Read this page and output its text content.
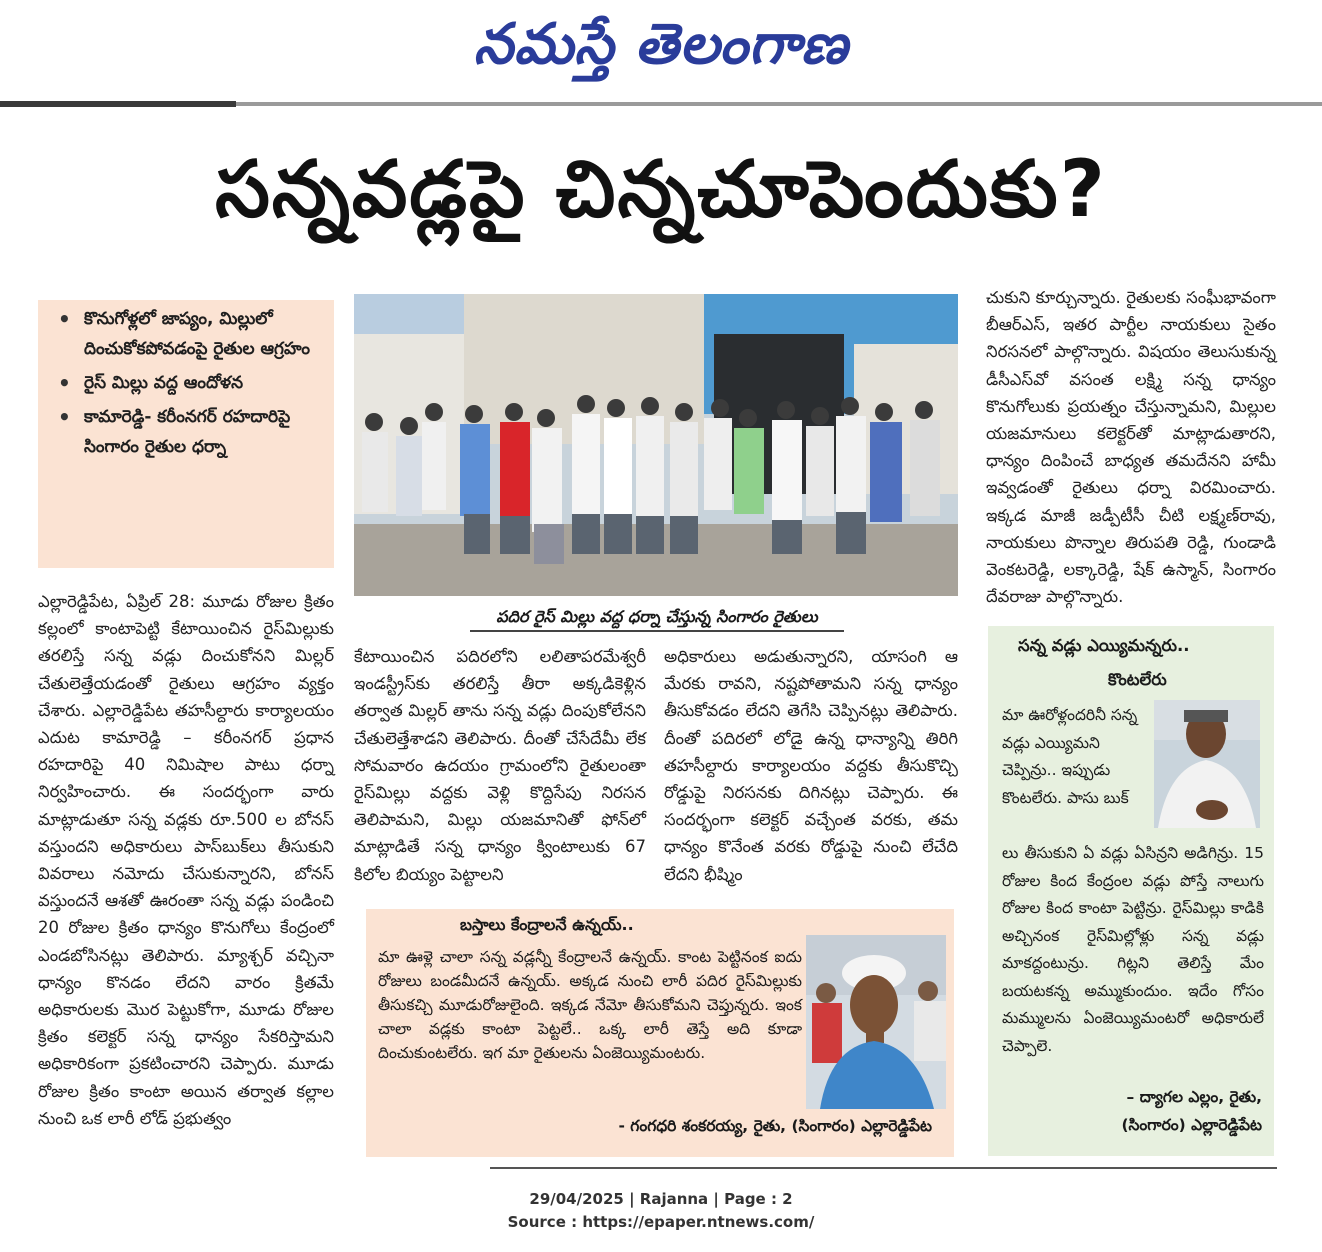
నమస్తే తెలంగాణ
సన్నవడ్లపై చిన్నచూపెందుకు?
• కొనుగోళ్లలో జాప్యం, మిల్లులో దించుకోకపోవడంపై రైతుల ఆగ్రహం
• రైస్ మిల్లు వద్ద ఆందోళన
• కామారెడ్డి- కరీంనగర్ రహదారిపై సింగారం రైతుల ధర్నా
పదిర రైస్ మిల్లు వద్ద ధర్నా చేస్తున్న సింగారం రైతులు

ఎల్లారెడ్డిపేట, ఏప్రిల్ 28: మూడు రోజుల క్రితం కల్లంలో కాంటాపెట్టి కేటాయించిన రైస్‌మిల్లుకు తరలిస్తే సన్న వడ్లు దించుకోనని మిల్లర్ చేతులెత్తేయడంతో రైతులు ఆగ్రహం వ్యక్తం చేశారు. ఎల్లారెడ్డిపేట తహసీల్దారు కార్యాలయం ఎదుట కామారెడ్డి – కరీంనగర్ ప్రధాన రహదారిపై 40 నిమిషాల పాటు ధర్నా నిర్వహించారు. ఈ సందర్భంగా వారు మాట్లాడుతూ సన్న వడ్లకు రూ.500 ల బోనస్ వస్తుందని అధికారులు పాస్‌బుక్‌లు తీసుకుని వివరాలు నమోదు చేసుకున్నారని, బోనస్ వస్తుందనే ఆశతో ఊరంతా సన్న వడ్లు పండించి 20 రోజుల క్రితం ధాన్యం కొనుగోలు కేంద్రంలో ఎండబోసినట్లు తెలిపారు. మ్యాశ్చర్ వచ్చినా ధాన్యం కొనడం లేదని వారం క్రితమే అధికారులకు మొర పెట్టుకోగా, మూడు రోజుల క్రితం కలెక్టర్ సన్న ధాన్యం సేకరిస్తామని అధికారికంగా ప్రకటించారని చెప్పారు. మూడు రోజుల క్రితం కాంటా అయిన తర్వాత కల్లాల నుంచి ఒక లారీ లోడ్ ప్రభుత్వం

కేటాయించిన పదిరలోని లలితాపరమేశ్వరీ ఇండస్ట్రీస్‌కు తరలిస్తే తీరా అక్కడికెళ్లిన తర్వాత మిల్లర్ తాను సన్న వడ్లు దింపుకోలేనని చేతులెత్తేశాడని తెలిపారు. దీంతో చేసేదేమీ లేక సోమవారం ఉదయం గ్రామంలోని రైతులంతా రైస్‌మిల్లు వద్దకు వెళ్లి కొద్దిసేపు నిరసన తెలిపామని, మిల్లు యజమానితో ఫోన్‌లో మాట్లాడితే సన్న ధాన్యం క్వింటాలుకు 67 కిలోల బియ్యం పెట్టాలని

అధికారులు అడుతున్నారని, యాసంగి ఆ మేరకు రావని, నష్టపోతామని సన్న ధాన్యం తీసుకోవడం లేదని తెగేసి చెప్పినట్లు తెలిపారు. దీంతో పదిరలో లోడై ఉన్న ధాన్యాన్ని తిరిగి తహసీల్దారు కార్యాలయం వద్దకు తీసుకొచ్చి రోడ్డుపై నిరసనకు దిగినట్లు చెప్పారు. ఈ సందర్భంగా కలెక్టర్ వచ్చేంత వరకు, తమ ధాన్యం కొనేంత వరకు రోడ్డుపై నుంచి లేచేది లేదని భీష్మిం

చుకుని కూర్చున్నారు. రైతులకు సంఘీభావంగా బీఆర్‌ఎస్, ఇతర పార్టీల నాయకులు సైతం నిరసనలో పాల్గొన్నారు. విషయం తెలుసుకున్న డీసీఎస్‌వో వసంత లక్ష్మి సన్న ధాన్యం కొనుగోలుకు ప్రయత్నం చేస్తున్నామని, మిల్లుల యజమానులు కలెక్టర్‌తో మాట్లాడుతారని, ధాన్యం దింపించే బాధ్యత తమదేనని హామీ ఇవ్వడంతో రైతులు ధర్నా విరమించారు. ఇక్కడ మాజీ జడ్పీటీసీ చీటి లక్ష్మణ్‌రావు, నాయకులు పొన్నాల తిరుపతి రెడ్డి, గుండాడి వెంకటరెడ్డి, లక్కారెడ్డి, షేక్ ఉస్మాన్, సింగారం దేవరాజు పాల్గొన్నారు.

బస్తాలు కేంద్రాలనే ఉన్నయ్..
మా ఊళ్లె చాలా సన్న వడ్లన్నీ కేంద్రాలనే ఉన్నయ్. కాంట పెట్టినంక ఐదు రోజులు బండమీదనే ఉన్నయ్. అక్కడ నుంచి లారీ పదిర రైస్‌మిల్లుకు తీసుకచ్చి మూడురోజులైంది. ఇక్కడ నేమో తీసుకోమని చెప్తున్నరు. ఇంక చాలా వడ్లకు కాంటా పెట్టలే.. ఒక్క లారీ తెస్తే అది కూడా దించుకుంటలేరు. ఇగ మా రైతులను ఏంజెయ్యిమంటరు.
- గంగధరి శంకరయ్య, రైతు, (సింగారం) ఎల్లారెడ్డిపేట
సన్న వడ్లు ఎయ్యిమన్నరు..
కొంటలేరు
మా ఊరోళ్లందరినీ సన్న వడ్లు ఎయ్యిమని చెప్పిన్రు.. ఇప్పుడు కొంటలేరు. పాసు బుక్
లు తీసుకుని ఏ వడ్లు ఏసిన్రని అడిగిన్రు. 15 రోజుల కింద కేంద్రంల వడ్లు పోస్తే నాలుగు రోజుల కింద కాంటా పెట్టిన్రు. రైస్‌మిల్లు కాడికి అచ్చినంక రైస్‌మిల్లోళ్లు సన్న వడ్లు మాకద్దంటున్రు. గిట్లని తెలిస్తే మేం బయటకన్న అమ్ముకుందుం. ఇదేం గోసం మమ్ములను ఏంజెయ్యిమంటరో అధికారులే చెప్పాలె.
– ద్యాగల ఎల్లం, రైతు,
(సింగారం) ఎల్లారెడ్డిపేట
29/04/2025 | Rajanna | Page : 2
Source : https://epaper.ntnews.com/
